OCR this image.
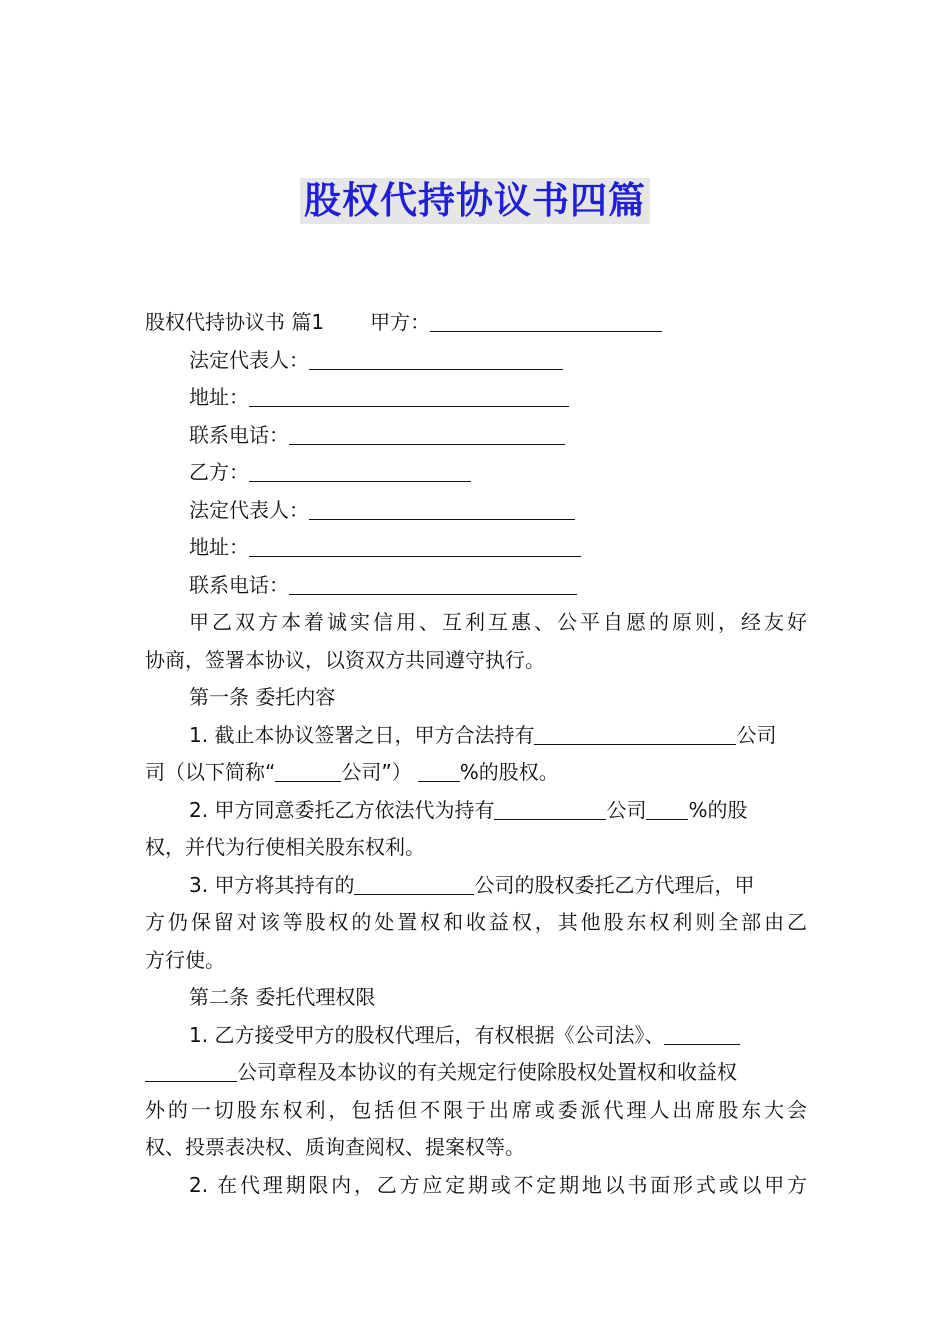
股权代持协议书四篇
股权代持协议书 篇1 甲方：
法定代表人：
地址：
联系电话：
乙方：
法定代表人：
地址：
联系电话：
甲乙双方本着诚实信用、互利互惠、公平自愿的原则，经友好
协商，签署本协议，以资双方共同遵守执行。
第一条 委托内容
1. 截止本协议签署之日，甲方合法持有	公司
司（以下简称“	公司”） %的股权。
2. 甲方同意委托乙方依法代为持有	公司 %的股
权，并代为行使相关股东权利。
3. 甲方将其持有的	公司的股权委托乙方代理后，甲
方仍保留对该等股权的处置权和收益权，其他股东权利则全部由乙
方行使。
第二条 委托代理权限
1. 乙方接受甲方的股权代理后，有权根据《公司法》、
公司章程及本协议的有关规定行使除股权处置权和收益权
外的一切股东权利，包括但不限于出席或委派代理人出席股东大会
权、投票表决权、质询查阅权、提案权等。
2. 在代理期限内，乙方应定期或不定期地以书面形式或以甲方
